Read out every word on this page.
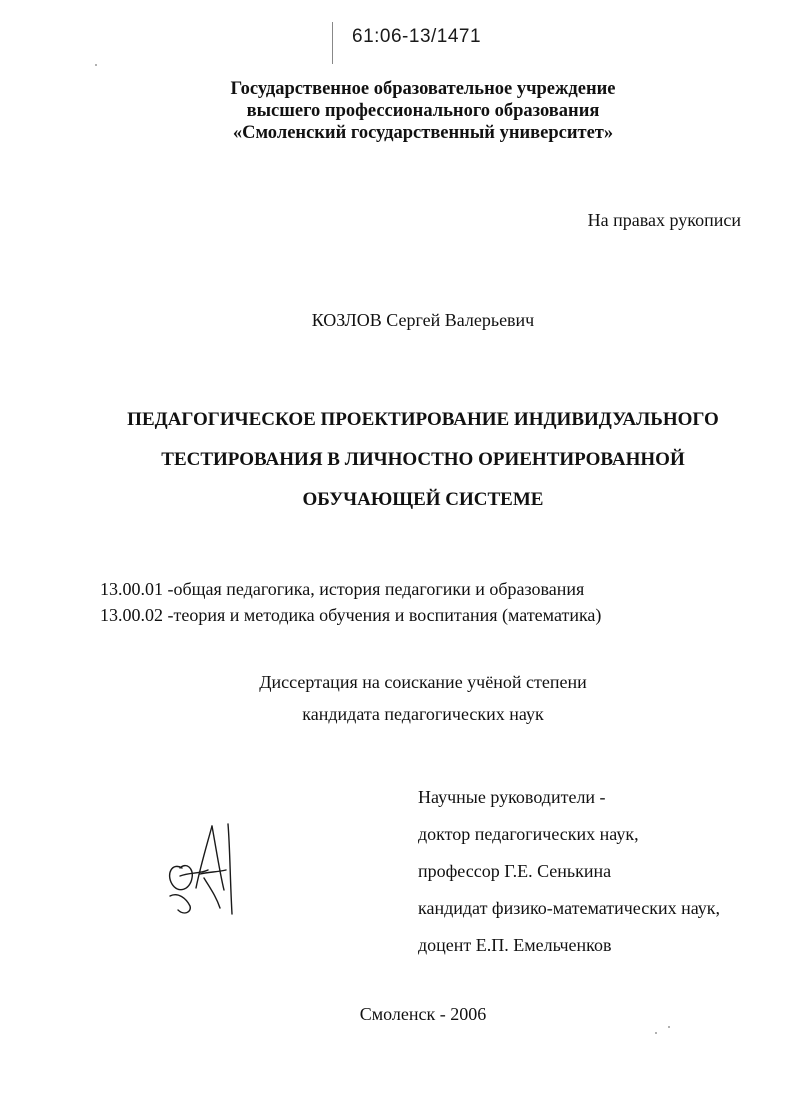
61:06-13/1471
Государственное образовательное учреждение
высшего профессионального образования
«Смоленский государственный университет»
На правах рукописи
КОЗЛОВ Сергей Валерьевич
ПЕДАГОГИЧЕСКОЕ ПРОЕКТИРОВАНИЕ ИНДИВИДУАЛЬНОГО
ТЕСТИРОВАНИЯ В ЛИЧНОСТНО ОРИЕНТИРОВАННОЙ
ОБУЧАЮЩЕЙ СИСТЕМЕ
13.00.01 -общая педагогика, история педагогики и образования
13.00.02 -теория и методика обучения и воспитания (математика)
Диссертация на соискание учёной степени
кандидата педагогических наук
Научные руководители -
доктор педагогических наук,
профессор Г.Е. Сенькина
кандидат физико-математических наук,
доцент Е.П. Емельченков
Смоленск - 2006
